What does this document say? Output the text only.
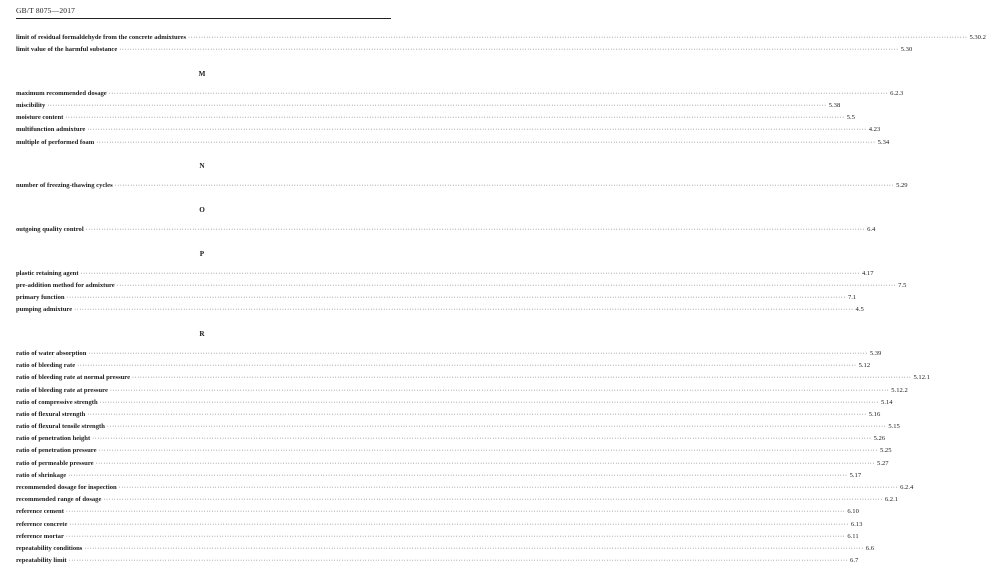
GB/T 8075—2017
limit of residual formaldehyde from the concrete admixtures ············································································································································································································································································································ 5.30.2
limit value of the harmful substance ············································································································································································································································································································ 5.30
M
maximum recommended dosage ············································································································································································································································································································ 6.2.3
miscibility ············································································································································································································································································································ 5.38
moisture content ············································································································································································································································································································ 5.5
multifunction admixture ············································································································································································································································································································ 4.23
multiple of performed foam ············································································································································································································································································································ 5.34
N
number of freezing-thawing cycles ············································································································································································································································································································ 5.29
O
outgoing quality control ············································································································································································································································································································ 6.4
P
plastic retaining agent ············································································································································································································································································································ 4.17
pre-addition method for admixture ············································································································································································································································································································ 7.5
primary function ············································································································································································································································································································ 7.1
pumping admixture ············································································································································································································································································································ 4.5
R
ratio of water absorption ············································································································································································································································································································ 5.39
ratio of bleeding rate ············································································································································································································································································································ 5.12
ratio of bleeding rate at normal pressure ············································································································································································································································································································ 5.12.1
ratio of bleeding rate at pressure ············································································································································································································································································································ 5.12.2
ratio of compressive strength ············································································································································································································································································································ 5.14
ratio of flexural strength ············································································································································································································································································································ 5.16
ratio of flexural tensile strength ············································································································································································································································································································ 5.15
ratio of penetration height ············································································································································································································································································································ 5.26
ratio of penetration pressure ············································································································································································································································································································ 5.25
ratio of permeable pressure ············································································································································································································································································································ 5.27
ratio of shrinkage ············································································································································································································································································································ 5.17
recommended dosage for inspection ············································································································································································································································································································ 6.2.4
recommended range of dosage ············································································································································································································································································································ 6.2.1
reference cement ············································································································································································································································································································ 6.10
reference concrete ············································································································································································································································································································ 6.13
reference mortar ············································································································································································································································································································ 6.11
repeatability conditions ············································································································································································································································································································ 6.6
repeatability limit ············································································································································································································································································································ 6.7
